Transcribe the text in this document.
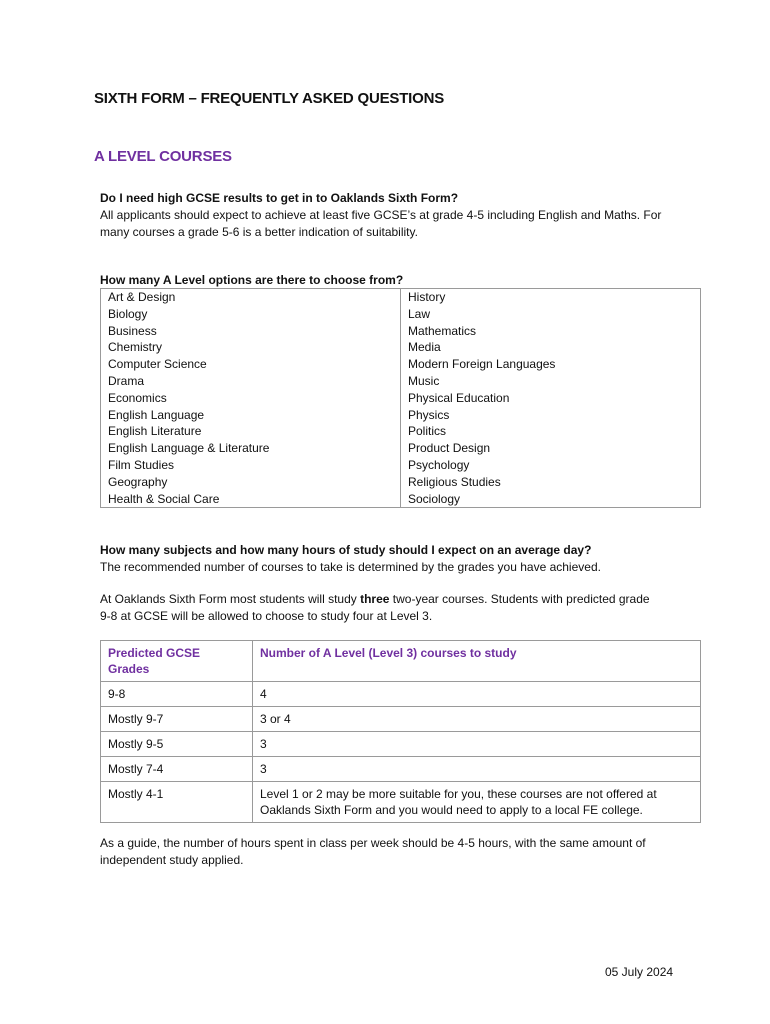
SIXTH FORM – FREQUENTLY ASKED QUESTIONS
A LEVEL COURSES

Do I need high GCSE results to get in to Oaklands Sixth Form?

All applicants should expect to achieve at least five GCSE’s at grade 4-5 including English and Maths. For

many courses a grade 5-6 is a better indication of suitability.

How many A Level options are there to choose from?

Art & Design	History
Biology	Law
Business	Mathematics
Chemistry	Media
Computer Science	Modern Foreign Languages
Drama	Music
Economics	Physical Education
English Language	Physics
English Literature	Politics
English Language & Literature	Product Design
Film Studies	Psychology
Geography	Religious Studies
Health & Social Care	Sociology

How many subjects and how many hours of study should I expect on an average day?

The recommended number of courses to take is determined by the grades you have achieved.

At Oaklands Sixth Form most students will study three two-year courses. Students with predicted grade

9-8 at GCSE will be allowed to choose to study four at Level 3.

Predicted GCSE
Grades	Number of A Level (Level 3) courses to study
9-8	4
Mostly 9-7	3 or 4
Mostly 9-5	3
Mostly 7-4	3
Mostly 4-1	Level 1 or 2 may be more suitable for you, these courses are not offered at
Oaklands Sixth Form and you would need to apply to a local FE college.

As a guide, the number of hours spent in class per week should be 4-5 hours, with the same amount of

independent study applied.

05 July 2024
